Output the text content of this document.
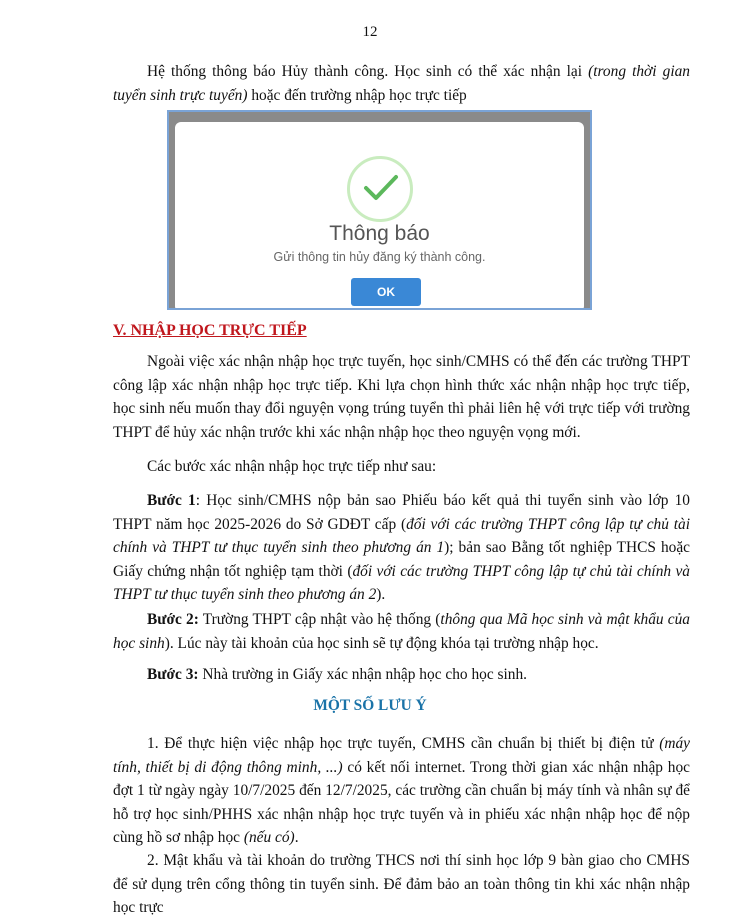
12

Hệ thống thông báo Hủy thành công. Học sinh có thể xác nhận lại (trong thời gian tuyển sinh trực tuyến) hoặc đến trường nhập học trực tiếp

Thông báo
Gửi thông tin hủy đăng ký thành công.
OK
V. NHẬP HỌC TRỰC TIẾP

Ngoài việc xác nhận nhập học trực tuyến, học sinh/CMHS có thể đến các trường THPT công lập xác nhận nhập học trực tiếp. Khi lựa chọn hình thức xác nhận nhập học trực tiếp, học sinh nếu muốn thay đổi nguyện vọng trúng tuyển thì phải liên hệ với trực tiếp với trường THPT để hủy xác nhận trước khi xác nhận nhập học theo nguyện vọng mới.

Các bước xác nhận nhập học trực tiếp như sau:

Bước 1: Học sinh/CMHS nộp bản sao Phiếu báo kết quả thi tuyển sinh vào lớp 10 THPT năm học 2025-2026 do Sở GDĐT cấp (đối với các trường THPT công lập tự chủ tài chính và THPT tư thục tuyển sinh theo phương án 1); bản sao Bằng tốt nghiệp THCS hoặc Giấy chứng nhận tốt nghiệp tạm thời (đối với các trường THPT công lập tự chủ tài chính và THPT tư thục tuyển sinh theo phương án 2).

Bước 2: Trường THPT cập nhật vào hệ thống (thông qua Mã học sinh và mật khẩu của học sinh). Lúc này tài khoản của học sinh sẽ tự động khóa tại trường nhập học.

Bước 3: Nhà trường in Giấy xác nhận nhập học cho học sinh.

MỘT SỐ LƯU Ý

1. Để thực hiện việc nhập học trực tuyến, CMHS cần chuẩn bị thiết bị điện tử (máy tính, thiết bị di động thông minh, ...) có kết nối internet. Trong thời gian xác nhận nhập học đợt 1 từ ngày ngày 10/7/2025 đến 12/7/2025, các trường cần chuẩn bị máy tính và nhân sự để hỗ trợ học sinh/PHHS xác nhận nhập học trực tuyến và in phiếu xác nhận nhập học để nộp cùng hồ sơ nhập học (nếu có).

2. Mật khẩu và tài khoản do trường THCS nơi thí sinh học lớp 9 bàn giao cho CMHS để sử dụng trên cổng thông tin tuyển sinh. Để đảm bảo an toàn thông tin khi xác nhận nhập học trực
